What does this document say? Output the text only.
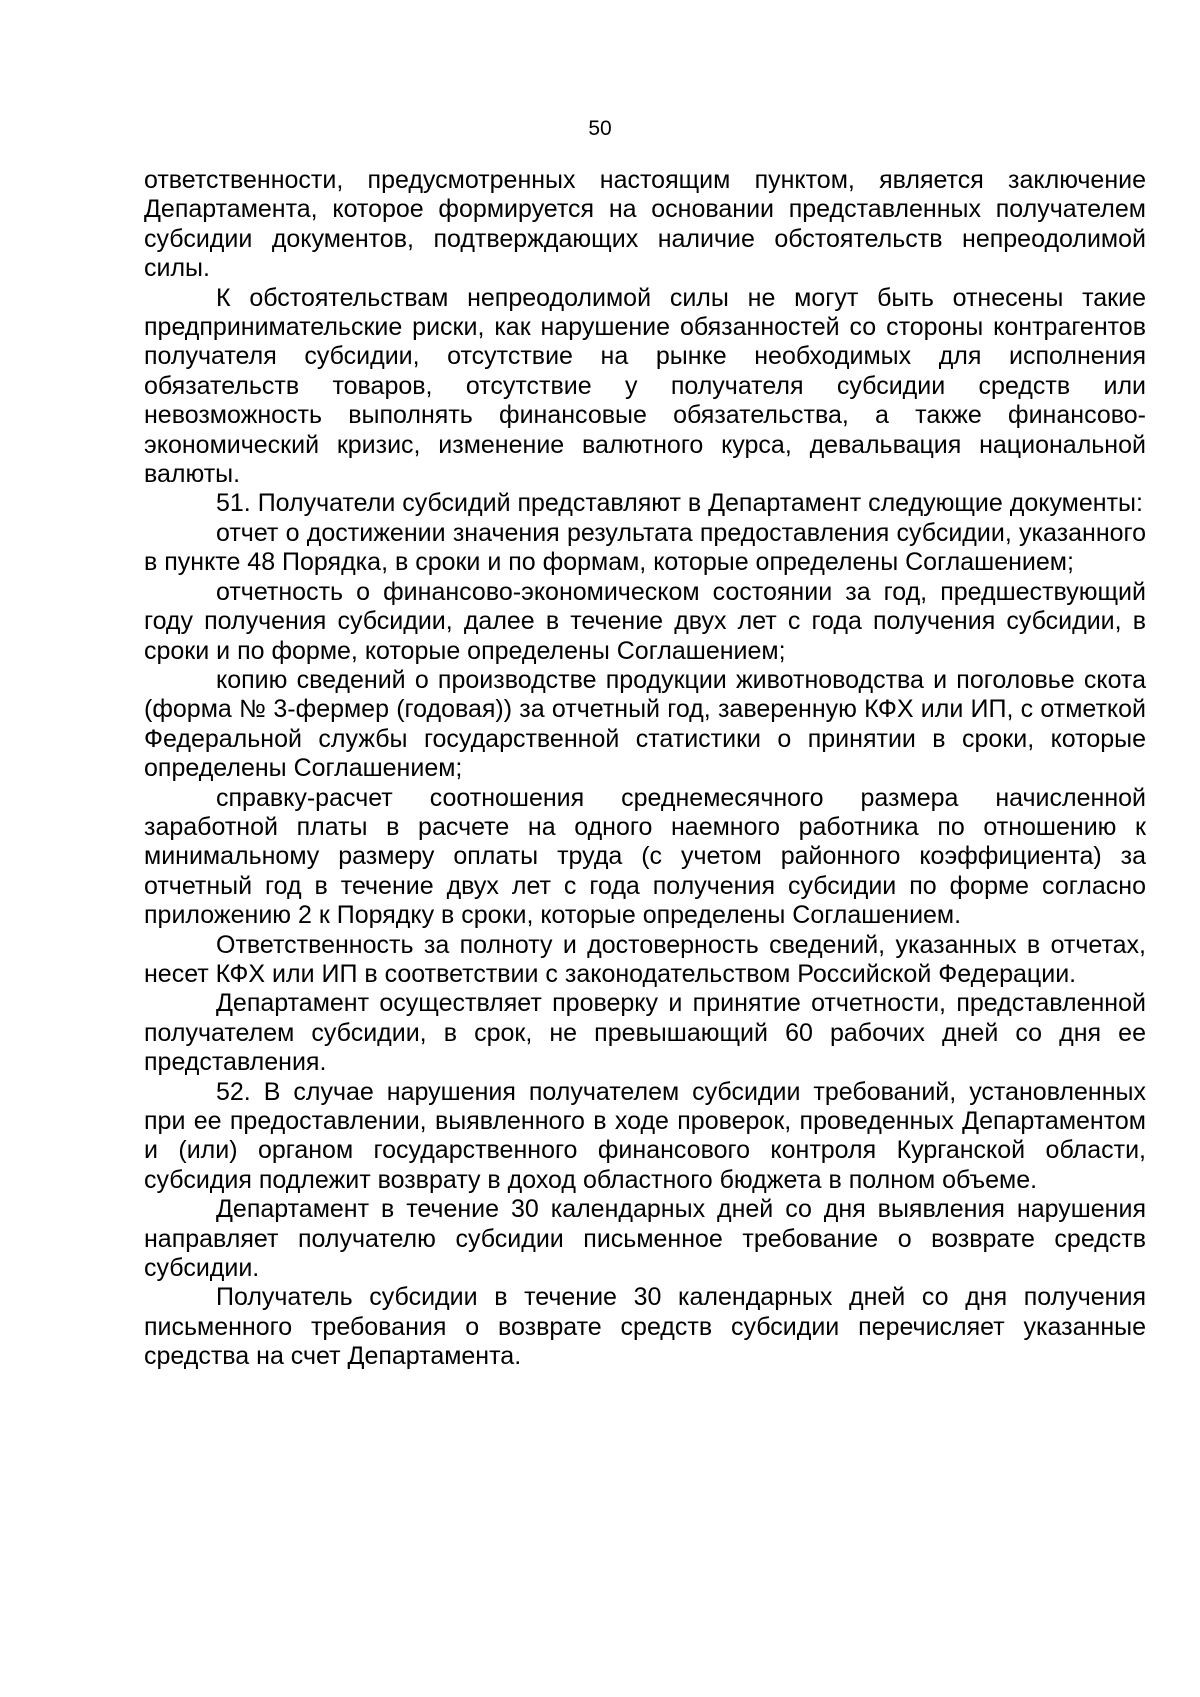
50

ответственности, предусмотренных настоящим пунктом, является заключение Департамента, которое формируется на основании представленных получателем субсидии документов, подтверждающих наличие обстоятельств непреодолимой силы.

К обстоятельствам непреодолимой силы не могут быть отнесены такие предпринимательские риски, как нарушение обязанностей со стороны контрагентов получателя субсидии, отсутствие на рынке необходимых для исполнения обязательств товаров, отсутствие у получателя субсидии средств или невозможность выполнять финансовые обязательства, а также финансово-экономический кризис, изменение валютного курса, девальвация национальной валюты.

51. Получатели субсидий представляют в Департамент следующие документы:

отчет о достижении значения результата предоставления субсидии, указанного в пункте 48 Порядка, в сроки и по формам, которые определены Соглашением;

отчетность о финансово-экономическом состоянии за год, предшествующий году получения субсидии, далее в течение двух лет с года получения субсидии, в сроки и по форме, которые определены Соглашением;

копию сведений о производстве продукции животноводства и поголовье скота (форма № 3-фермер (годовая)) за отчетный год, заверенную КФХ или ИП, с отметкой Федеральной службы государственной статистики о принятии в сроки, которые определены Соглашением;

справку-расчет соотношения среднемесячного размера начисленной заработной платы в расчете на одного наемного работника по отношению к минимальному размеру оплаты труда (с учетом районного коэффициента) за отчетный год в течение двух лет с года получения субсидии по форме согласно приложению 2 к Порядку в сроки, которые определены Соглашением.

Ответственность за полноту и достоверность сведений, указанных в отчетах, несет КФХ или ИП в соответствии с законодательством Российской Федерации.

Департамент осуществляет проверку и принятие отчетности, представленной получателем субсидии, в срок, не превышающий 60 рабочих дней со дня ее представления.

52. В случае нарушения получателем субсидии требований, установленных при ее предоставлении, выявленного в ходе проверок, проведенных Департаментом и (или) органом государственного финансового контроля Курганской области, субсидия подлежит возврату в доход областного бюджета в полном объеме.

Департамент в течение 30 календарных дней со дня выявления нарушения направляет получателю субсидии письменное требование о возврате средств субсидии.

Получатель субсидии в течение 30 календарных дней со дня получения письменного требования о возврате средств субсидии перечисляет указанные средства на счет Департамента.
